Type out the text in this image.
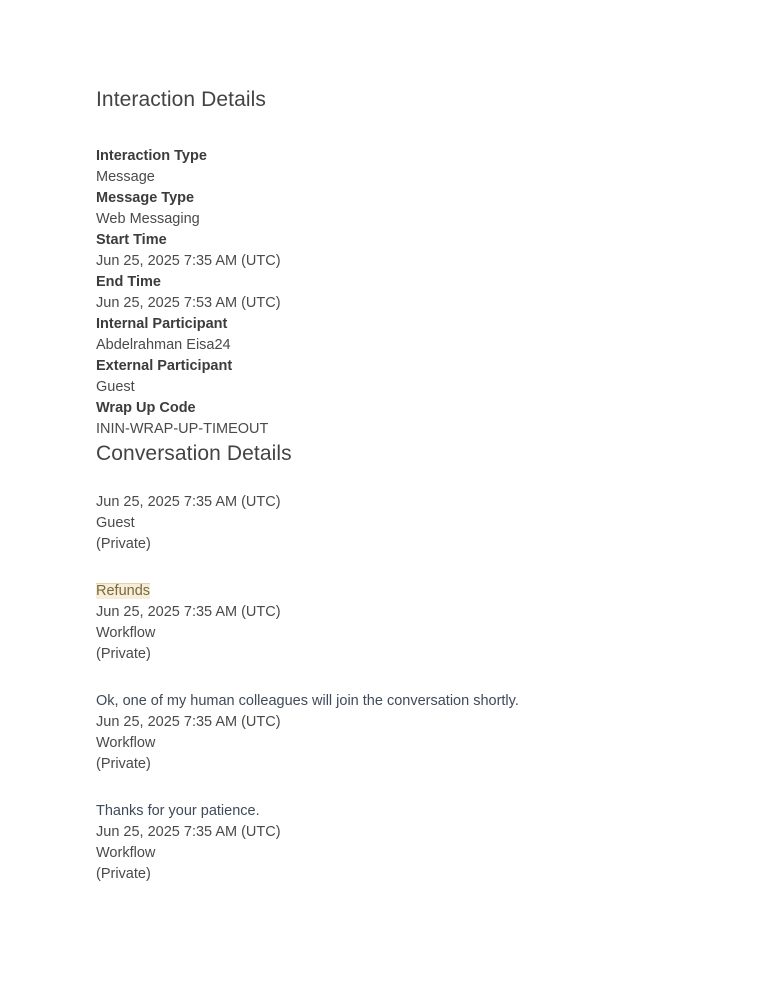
Interaction Details
Interaction Type
Message
Message Type
Web Messaging
Start Time
Jun 25, 2025 7:35 AM (UTC)
End Time
Jun 25, 2025 7:53 AM (UTC)
Internal Participant
Abdelrahman Eisa24
External Participant
Guest
Wrap Up Code
ININ-WRAP-UP-TIMEOUT
Conversation Details
Jun 25, 2025 7:35 AM (UTC)
Guest
(Private)
Refunds
Jun 25, 2025 7:35 AM (UTC)
Workflow
(Private)
Ok, one of my human colleagues will join the conversation shortly.
Jun 25, 2025 7:35 AM (UTC)
Workflow
(Private)
Thanks for your patience.
Jun 25, 2025 7:35 AM (UTC)
Workflow
(Private)
